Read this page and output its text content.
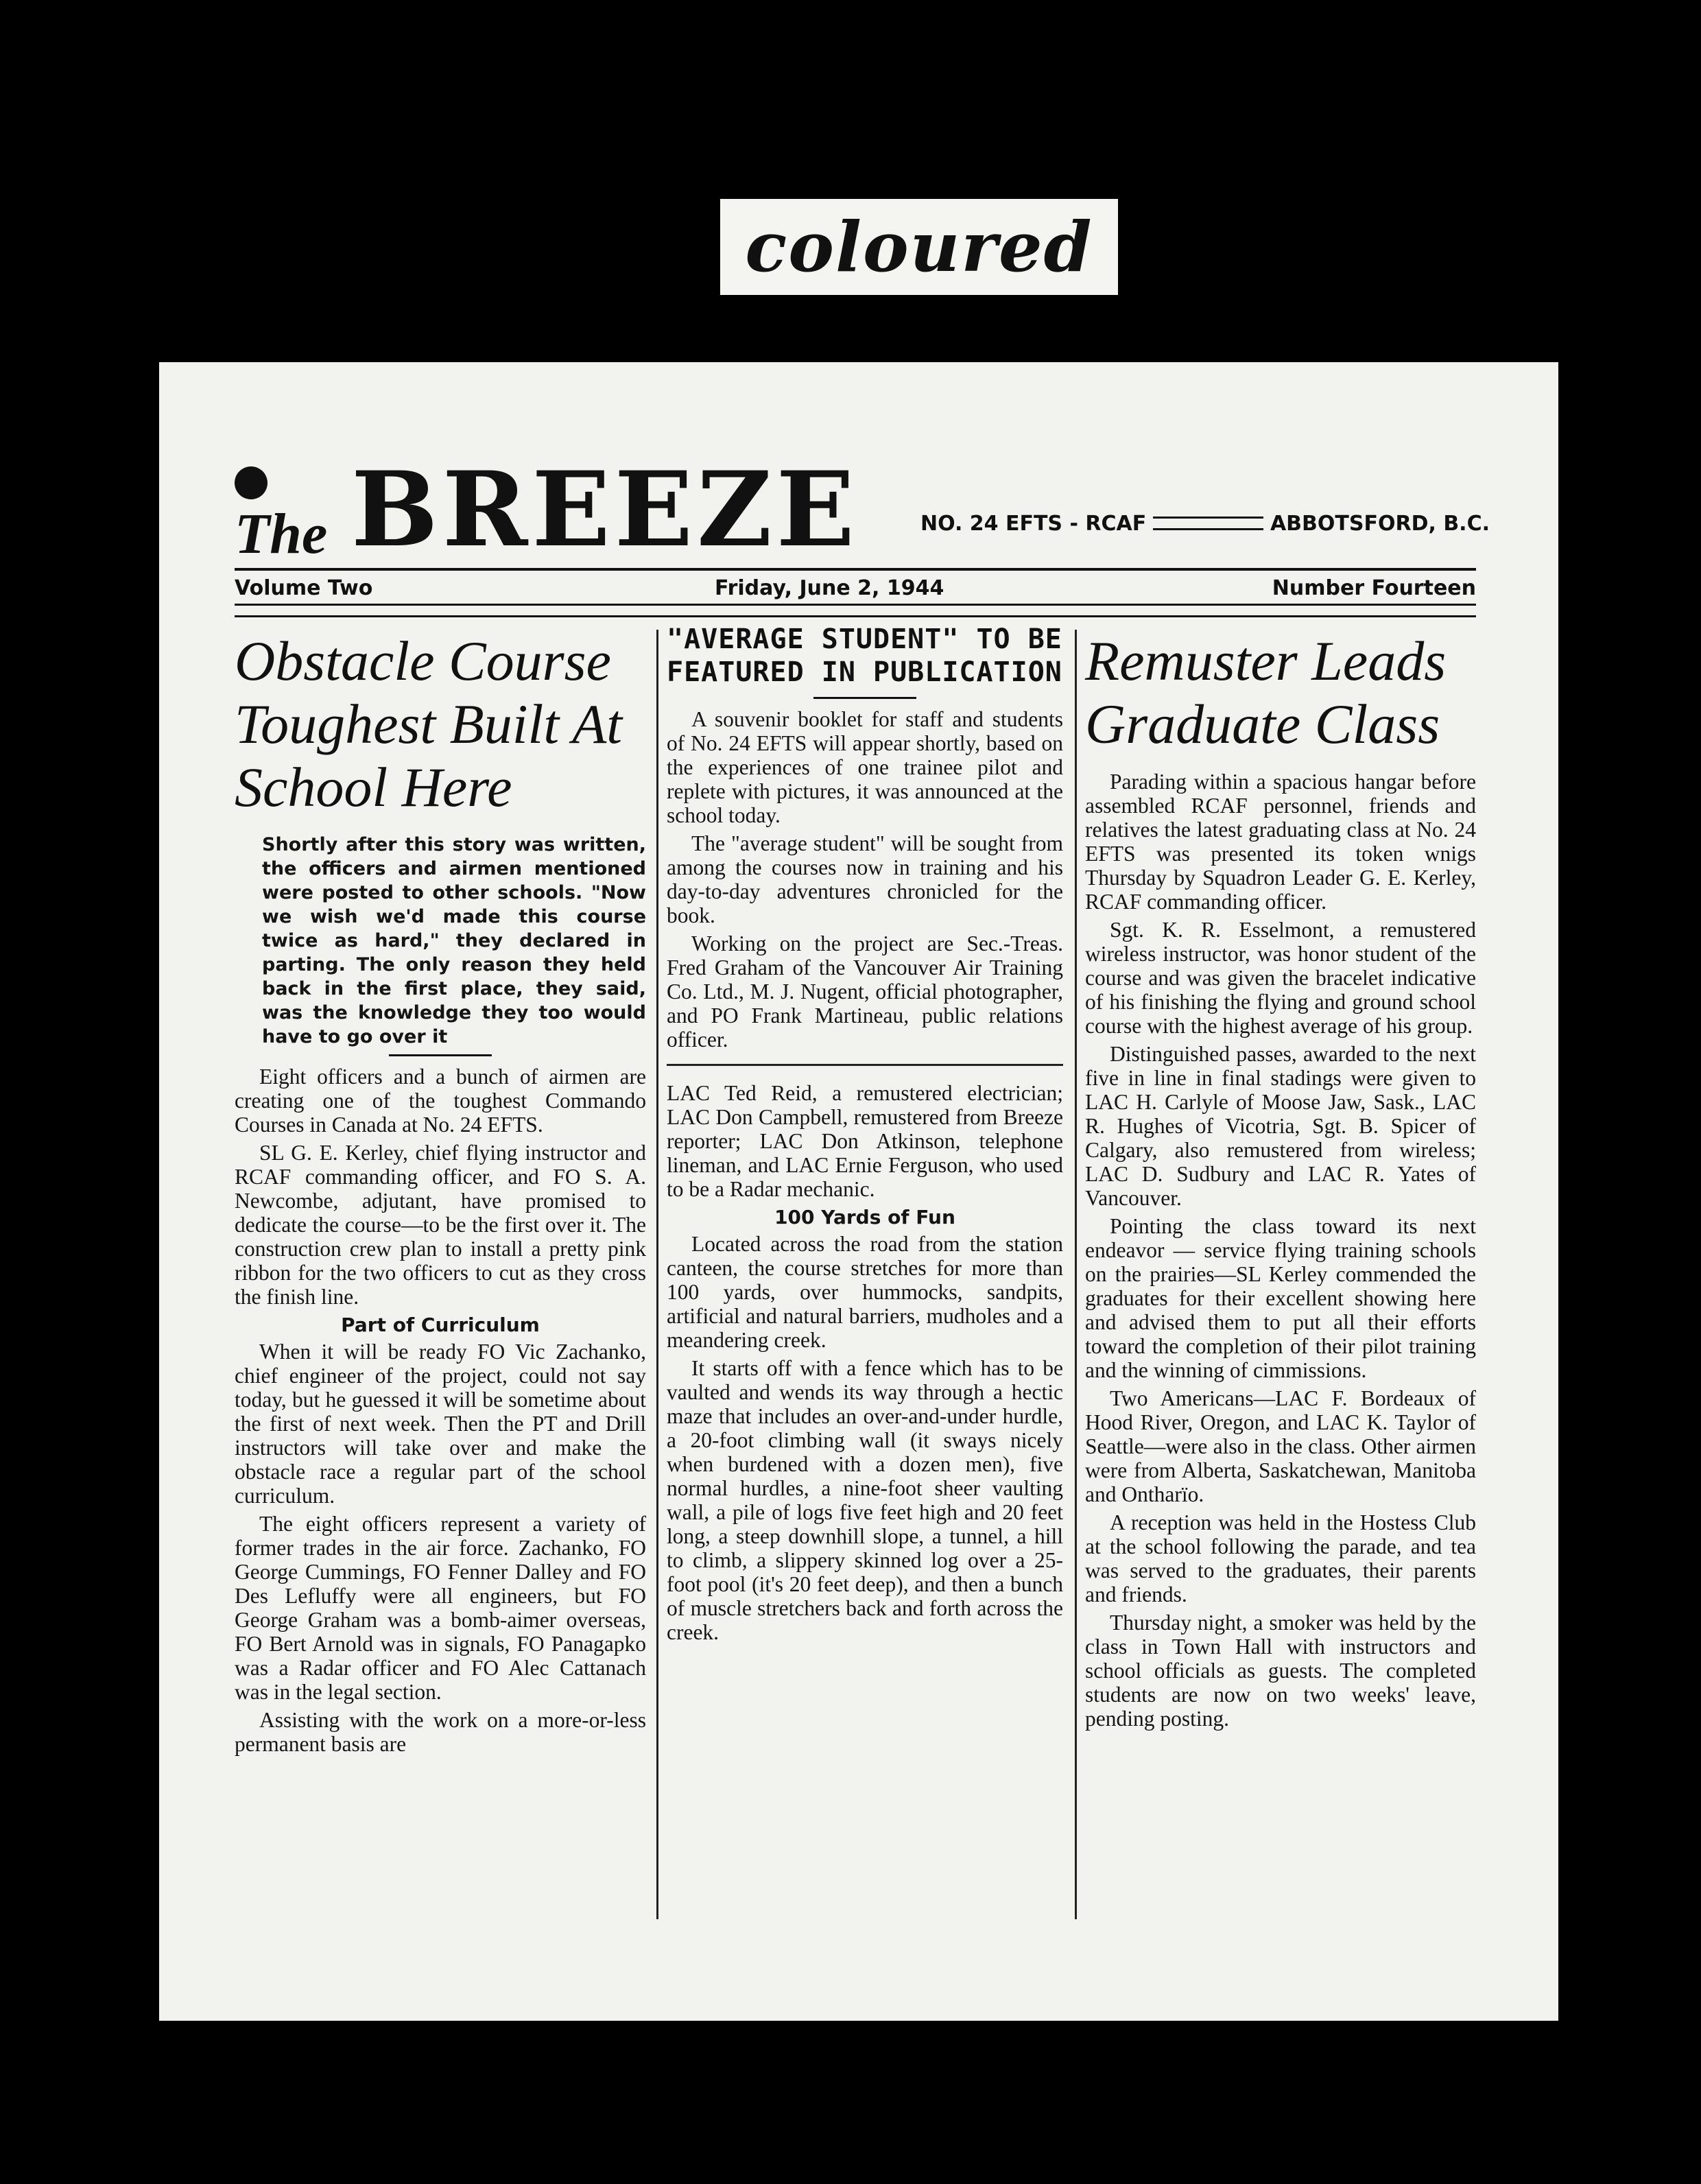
coloured
The BREEZE	NO. 24 EFTS - RCAF	ABBOTSFORD, B.C.
Volume Two	Friday, June 2, 1944	Number Fourteen
Obstacle Course Toughest Built At School Here

Shortly after this story was written, the officers and airmen mentioned were posted to other schools. "Now we wish we'd made this course twice as hard," they declared in parting. The only reason they held back in the first place, they said, was the knowledge they too would have to go over it

Eight officers and a bunch of airmen are creating one of the toughest Commando Courses in Canada at No. 24 EFTS.

SL G. E. Kerley, chief flying instructor and RCAF commanding officer, and FO S. A. Newcombe, adjutant, have promised to dedicate the course—to be the first over it. The construction crew plan to install a pretty pink ribbon for the two officers to cut as they cross the finish line.

Part of Curriculum

When it will be ready FO Vic Zachanko, chief engineer of the project, could not say today, but he guessed it will be sometime about the first of next week. Then the PT and Drill instructors will take over and make the obstacle race a regular part of the school curriculum.

The eight officers represent a variety of former trades in the air force. Zachanko, FO George Cummings, FO Fenner Dalley and FO Des Lefluffy were all engineers, but FO George Graham was a bomb-aimer overseas, FO Bert Arnold was in signals, FO Panagapko was a Radar officer and FO Alec Cattanach was in the legal section.

Assisting with the work on a more-or-less permanent basis are

"AVERAGE STUDENT" TO BE FEATURED IN PUBLICATION

A souvenir booklet for staff and students of No. 24 EFTS will appear shortly, based on the experiences of one trainee pilot and replete with pictures, it was announced at the school today.

The "average student" will be sought from among the courses now in training and his day-to-day adventures chronicled for the book.

Working on the project are Sec.-Treas. Fred Graham of the Vancouver Air Training Co. Ltd., M. J. Nugent, official photographer, and PO Frank Martineau, public relations officer.

LAC Ted Reid, a remustered electrician; LAC Don Campbell, remustered from Breeze reporter; LAC Don Atkinson, telephone lineman, and LAC Ernie Ferguson, who used to be a Radar mechanic.

100 Yards of Fun

Located across the road from the station canteen, the course stretches for more than 100 yards, over hummocks, sandpits, artificial and natural barriers, mudholes and a meandering creek.

It starts off with a fence which has to be vaulted and wends its way through a hectic maze that includes an over-and-under hurdle, a 20-foot climbing wall (it sways nicely when burdened with a dozen men), five normal hurdles, a nine-foot sheer vaulting wall, a pile of logs five feet high and 20 feet long, a steep downhill slope, a tunnel, a hill to climb, a slippery skinned log over a 25-foot pool (it's 20 feet deep), and then a bunch of muscle stretchers back and forth across the creek.

Remuster Leads Graduate Class

Parading within a spacious hangar before assembled RCAF personnel, friends and relatives the latest graduating class at No. 24 EFTS was presented its token wnigs Thursday by Squadron Leader G. E. Kerley, RCAF commanding officer.

Sgt. K. R. Esselmont, a remustered wireless instructor, was honor student of the course and was given the bracelet indicative of his finishing the flying and ground school course with the highest average of his group.

Distinguished passes, awarded to the next five in line in final stadings were given to LAC H. Carlyle of Moose Jaw, Sask., LAC R. Hughes of Vicotria, Sgt. B. Spicer of Calgary, also remustered from wireless; LAC D. Sudbury and LAC R. Yates of Vancouver.

Pointing the class toward its next endeavor — service flying training schools on the prairies—SL Kerley commended the graduates for their excellent showing here and advised them to put all their efforts toward the completion of their pilot training and the winning of cimmissions.

Two Americans—LAC F. Bordeaux of Hood River, Oregon, and LAC K. Taylor of Seattle—were also in the class. Other airmen were from Alberta, Saskatchewan, Manitoba and Ontharïo.

A reception was held in the Hostess Club at the school following the parade, and tea was served to the graduates, their parents and friends.

Thursday night, a smoker was held by the class in Town Hall with instructors and school officials as guests. The completed students are now on two weeks' leave, pending posting.
